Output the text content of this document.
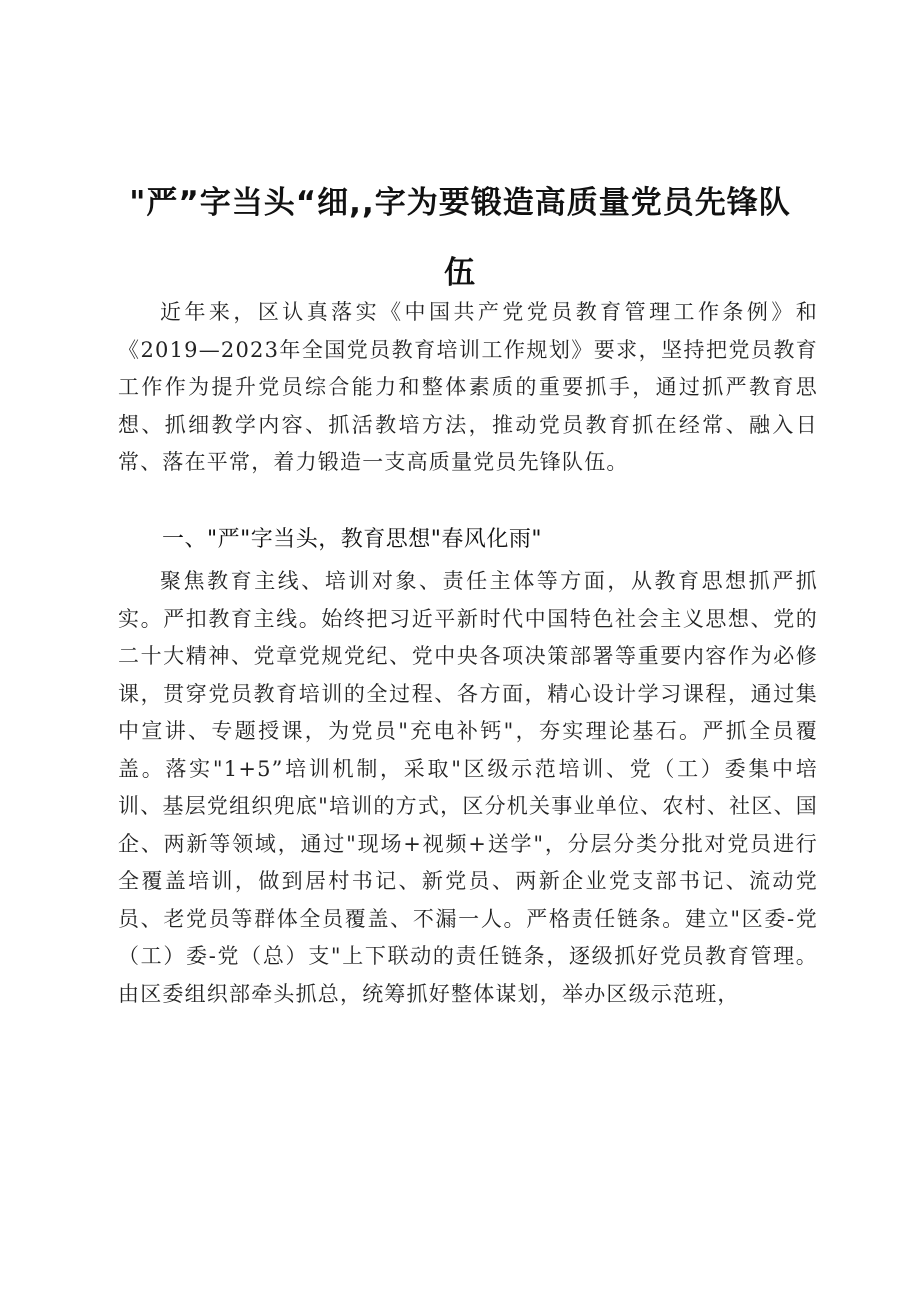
"严”字当头“细,,字为要锻造高质量党员先锋队伍

近年来，区认真落实《中国共产党党员教育管理工作条例》和《2019—2023年全国党员教育培训工作规划》要求，坚持把党员教育工作作为提升党员综合能力和整体素质的重要抓手，通过抓严教育思想、抓细教学内容、抓活教培方法，推动党员教育抓在经常、融入日常、落在平常，着力锻造一支高质量党员先锋队伍。

一、"严"字当头，教育思想"春风化雨"

聚焦教育主线、培训对象、责任主体等方面，从教育思想抓严抓实。严扣教育主线。始终把习近平新时代中国特色社会主义思想、党的二十大精神、党章党规党纪、党中央各项决策部署等重要内容作为必修课，贯穿党员教育培训的全过程、各方面，精心设计学习课程，通过集中宣讲、专题授课，为党员"充电补钙"，夯实理论基石。严抓全员覆盖。落实"1+5”培训机制，采取"区级示范培训、党（工）委集中培训、基层党组织兜底"培训的方式，区分机关事业单位、农村、社区、国企、两新等领域，通过"现场+视频+送学"，分层分类分批对党员进行全覆盖培训，做到居村书记、新党员、两新企业党支部书记、流动党员、老党员等群体全员覆盖、不漏一人。严格责任链条。建立"区委-党（工）委-党（总）支"上下联动的责任链条，逐级抓好党员教育管理。由区委组织部牵头抓总，统筹抓好整体谋划，举办区级示范班，
